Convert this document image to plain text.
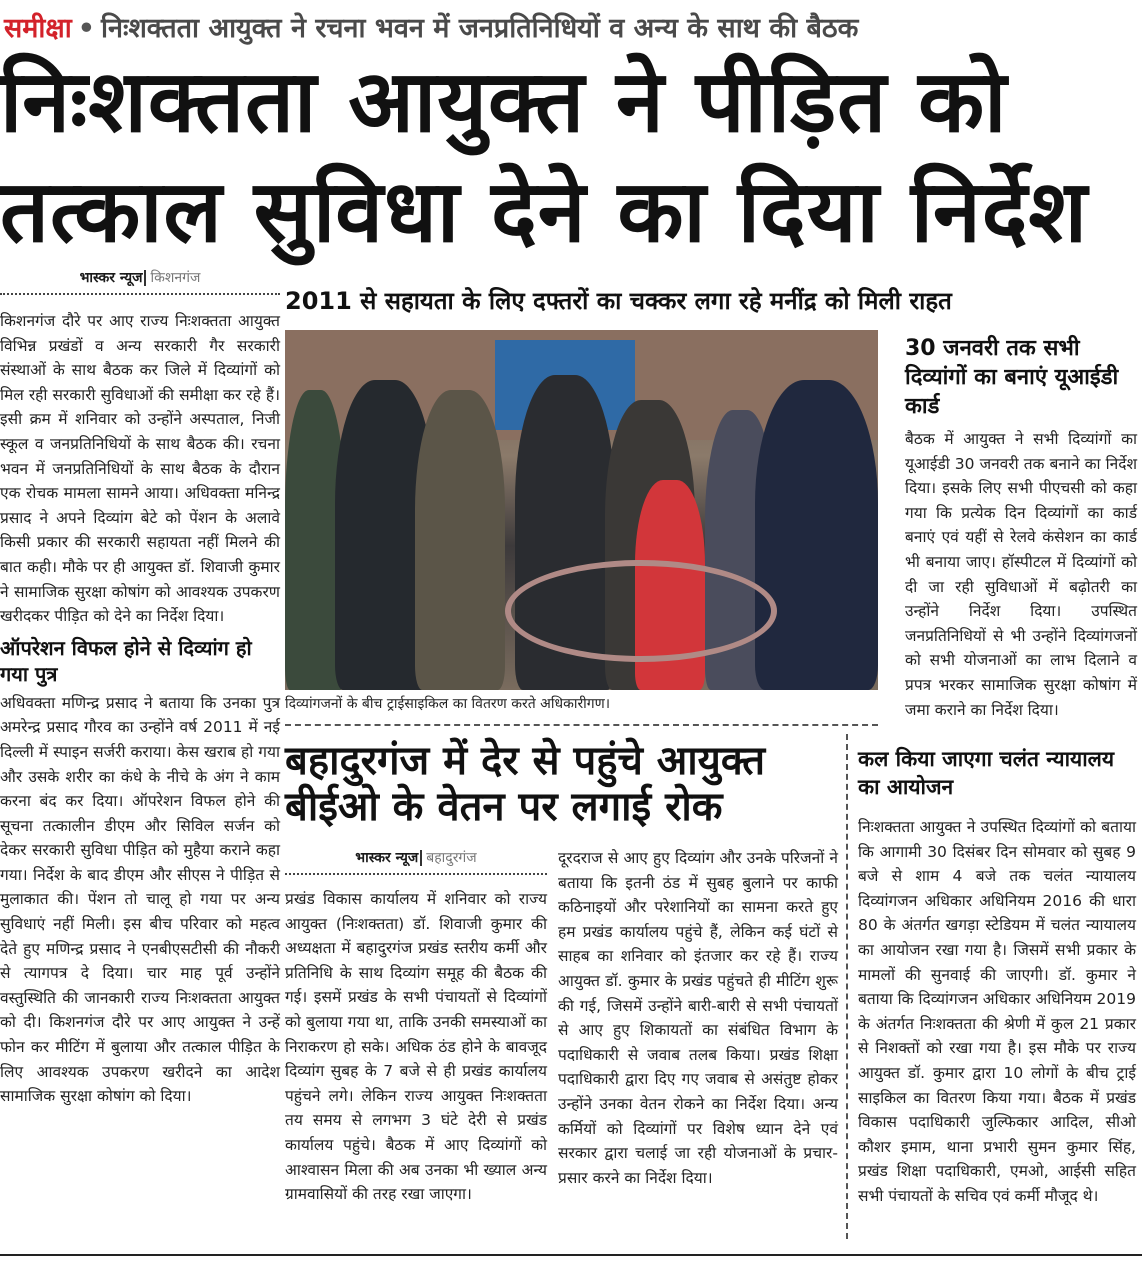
समीक्षा • निःशक्तता आयुक्त ने रचना भवन में जनप्रतिनिधियों व अन्य के साथ की बैठक
निःशक्तता आयुक्त ने पीड़ित को
तत्काल सुविधा देने का दिया निर्देश
भास्कर न्यूज किशनगंज
किशनगंज दौरे पर आए राज्य निःशक्तता आयुक्त विभिन्न प्रखंडों व अन्य सरकारी गैर सरकारी संस्थाओं के साथ बैठक कर जिले में दिव्यांगों को मिल रही सरकारी सुविधाओं की समीक्षा कर रहे हैं। इसी क्रम में शनिवार को उन्होंने अस्पताल, निजी स्कूल व जनप्रतिनिधियों के साथ बैठक की। रचना भवन में जनप्रतिनिधियों के साथ बैठक के दौरान एक रोचक मामला सामने आया। अधिवक्ता मनिन्द्र प्रसाद ने अपने दिव्यांग बेटे को पेंशन के अलावे किसी प्रकार की सरकारी सहायता नहीं मिलने की बात कही। मौके पर ही आयुक्त डॉ. शिवाजी कुमार ने सामाजिक सुरक्षा कोषांग को आवश्यक उपकरण खरीदकर पीड़ित को देने का निर्देश दिया।
ऑपरेशन विफल होने से दिव्यांग हो गया पुत्र
अधिवक्ता मणिन्द्र प्रसाद ने बताया कि उनका पुत्र अमरेन्द्र प्रसाद गौरव का उन्होंने वर्ष 2011 में नई दिल्ली में स्पाइन सर्जरी कराया। केस खराब हो गया और उसके शरीर का कंधे के नीचे के अंग ने काम करना बंद कर दिया। ऑपरेशन विफल होने की सूचना तत्कालीन डीएम और सिविल सर्जन को देकर सरकारी सुविधा पीड़ित को मुहैया कराने कहा गया। निर्देश के बाद डीएम और सीएस ने पीड़ित से मुलाकात की। पेंशन तो चालू हो गया पर अन्य सुविधाएं नहीं मिली। इस बीच परिवार को महत्व देते हुए मणिन्द्र प्रसाद ने एनबीएसटीसी की नौकरी से त्यागपत्र दे दिया। चार माह पूर्व उन्होंने वस्तुस्थिति की जानकारी राज्य निःशक्तता आयुक्त को दी। किशनगंज दौरे पर आए आयुक्त ने उन्हें फोन कर मीटिंग में बुलाया और तत्काल पीड़ित के लिए आवश्यक उपकरण खरीदने का आदेश सामाजिक सुरक्षा कोषांग को दिया।
2011 से सहायता के लिए दफ्तरों का चक्कर लगा रहे मनींद्र को मिली राहत
दिव्यांगजनों के बीच ट्राईसाइकिल का वितरण करते अधिकारीगण।
30 जनवरी तक सभी दिव्यांगों का बनाएं यूआईडी कार्ड
बैठक में आयुक्त ने सभी दिव्यांगों का यूआईडी 30 जनवरी तक बनाने का निर्देश दिया। इसके लिए सभी पीएचसी को कहा गया कि प्रत्येक दिन दिव्यांगों का कार्ड बनाएं एवं यहीं से रेलवे कंसेशन का कार्ड भी बनाया जाए। हॉस्पीटल में दिव्यांगों को दी जा रही सुविधाओं में बढ़ोतरी का उन्होंने निर्देश दिया। उपस्थित जनप्रतिनिधियों से भी उन्होंने दिव्यांगजनों को सभी योजनाओं का लाभ दिलाने व प्रपत्र भरकर सामाजिक सुरक्षा कोषांग में जमा कराने का निर्देश दिया।
बहादुरगंज में देर से पहुंचे आयुक्त
बीईओ के वेतन पर लगाई रोक
भास्कर न्यूज बहादुरगंज
प्रखंड विकास कार्यालय में शनिवार को राज्य आयुक्त (निःशक्तता) डॉ. शिवाजी कुमार की अध्यक्षता में बहादुरगंज प्रखंड स्तरीय कर्मी और प्रतिनिधि के साथ दिव्यांग समूह की बैठक की गई। इसमें प्रखंड के सभी पंचायतों से दिव्यांगों को बुलाया गया था, ताकि उनकी समस्याओं का निराकरण हो सके। अधिक ठंड होने के बावजूद दिव्यांग सुबह के 7 बजे से ही प्रखंड कार्यालय पहुंचने लगे। लेकिन राज्य आयुक्त निःशक्तता तय समय से लगभग 3 घंटे देरी से प्रखंड कार्यालय पहुंचे। बैठक में आए दिव्यांगों को आश्वासन मिला की अब उनका भी ख्याल अन्य ग्रामवासियों की तरह रखा जाएगा।
दूरदराज से आए हुए दिव्यांग और उनके परिजनों ने बताया कि इतनी ठंड में सुबह बुलाने पर काफी कठिनाइयों और परेशानियों का सामना करते हुए हम प्रखंड कार्यालय पहुंचे हैं, लेकिन कई घंटों से साहब का शनिवार को इंतजार कर रहे हैं। राज्य आयुक्त डॉ. कुमार के प्रखंड पहुंचते ही मीटिंग शुरू की गई, जिसमें उन्होंने बारी-बारी से सभी पंचायतों से आए हुए शिकायतों का संबंधित विभाग के पदाधिकारी से जवाब तलब किया। प्रखंड शिक्षा पदाधिकारी द्वारा दिए गए जवाब से असंतुष्ट होकर उन्होंने उनका वेतन रोकने का निर्देश दिया। अन्य कर्मियों को दिव्यांगों पर विशेष ध्यान देने एवं सरकार द्वारा चलाई जा रही योजनाओं के प्रचार-प्रसार करने का निर्देश दिया।
कल किया जाएगा चलंत न्यायालय का आयोजन
निःशक्तता आयुक्त ने उपस्थित दिव्यांगों को बताया कि आगामी 30 दिसंबर दिन सोमवार को सुबह 9 बजे से शाम 4 बजे तक चलंत न्यायालय दिव्यांगजन अधिकार अधिनियम 2016 की धारा 80 के अंतर्गत खगड़ा स्टेडियम में चलंत न्यायालय का आयोजन रखा गया है। जिसमें सभी प्रकार के मामलों की सुनवाई की जाएगी। डॉ. कुमार ने बताया कि दिव्यांगजन अधिकार अधिनियम 2019 के अंतर्गत निःशक्तता की श्रेणी में कुल 21 प्रकार से निशक्तों को रखा गया है। इस मौके पर राज्य आयुक्त डॉ. कुमार द्वारा 10 लोगों के बीच ट्राई साइकिल का वितरण किया गया। बैठक में प्रखंड विकास पदाधिकारी जुल्फिकार आदिल, सीओ कौशर इमाम, थाना प्रभारी सुमन कुमार सिंह, प्रखंड शिक्षा पदाधिकारी, एमओ, आईसी सहित सभी पंचायतों के सचिव एवं कर्मी मौजूद थे।
